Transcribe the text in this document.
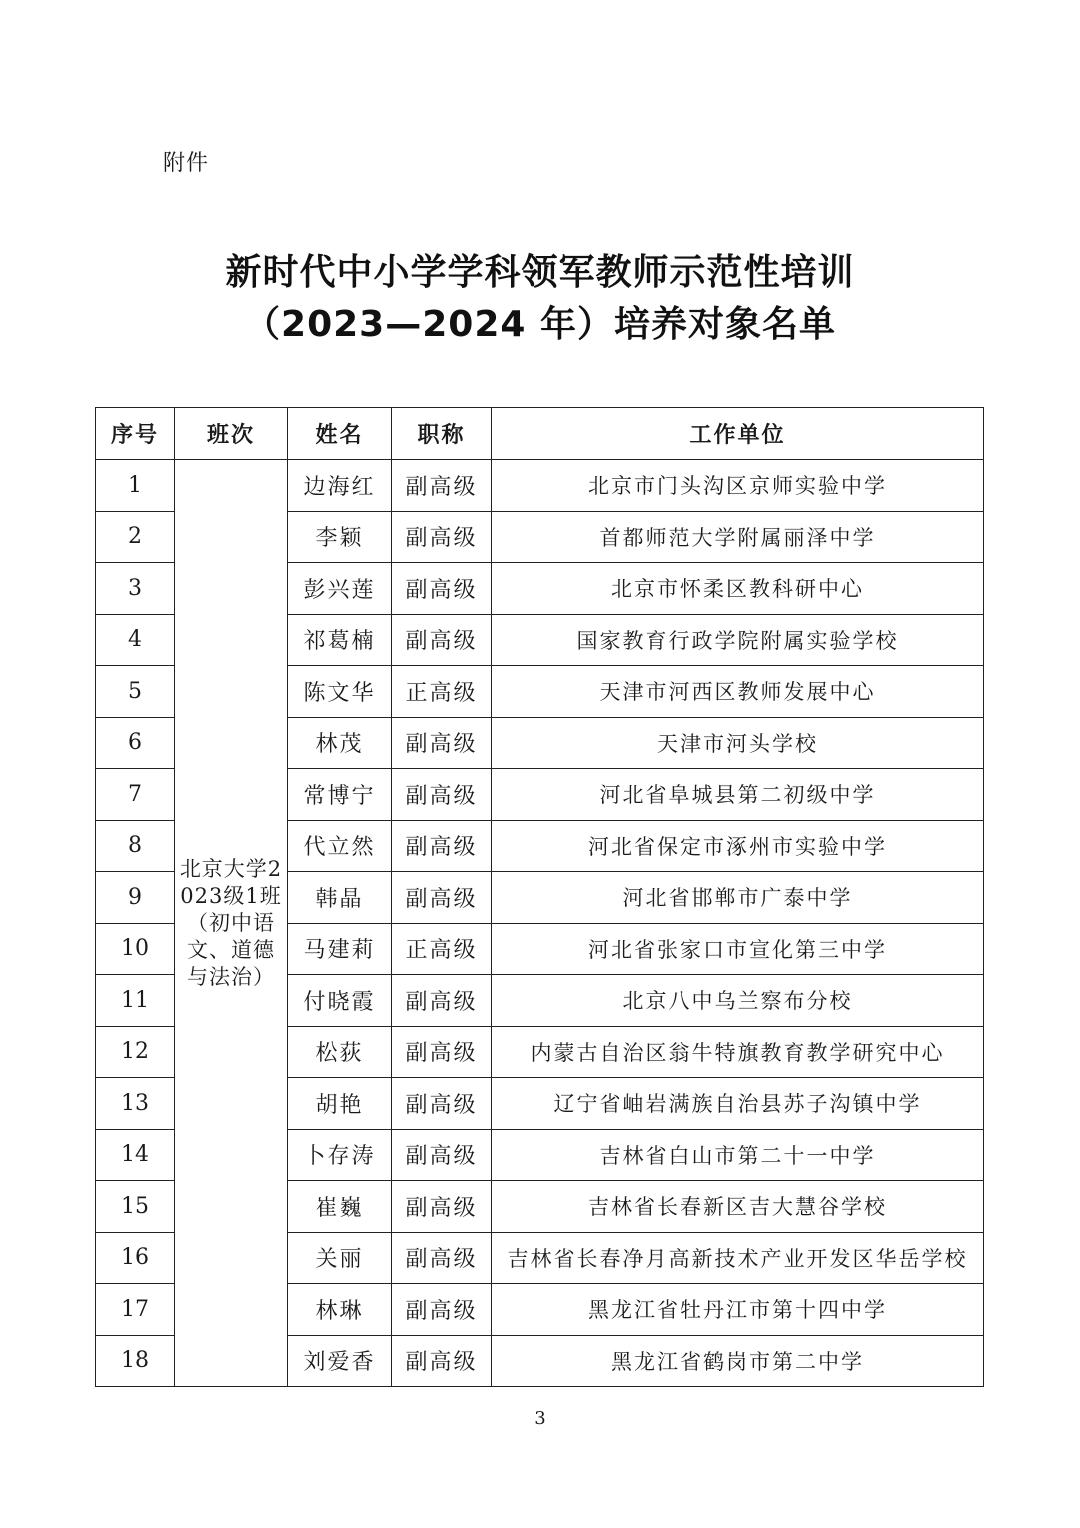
附件
新时代中小学学科领军教师示范性培训
（2023—2024 年）培养对象名单
序号	班次	姓名	职称	工作单位
1	北京大学2023级1班（初中语文、道德与法治）	边海红	副高级	北京市门头沟区京师实验中学
2		李颖	副高级	首都师范大学附属丽泽中学
3		彭兴莲	副高级	北京市怀柔区教科研中心
4		祁葛楠	副高级	国家教育行政学院附属实验学校
5		陈文华	正高级	天津市河西区教师发展中心
6		林茂	副高级	天津市河头学校
7		常博宁	副高级	河北省阜城县第二初级中学
8		代立然	副高级	河北省保定市涿州市实验中学
9		韩晶	副高级	河北省邯郸市广泰中学
10		马建莉	正高级	河北省张家口市宣化第三中学
11		付晓霞	副高级	北京八中乌兰察布分校
12		松荻	副高级	内蒙古自治区翁牛特旗教育教学研究中心
13		胡艳	副高级	辽宁省岫岩满族自治县苏子沟镇中学
14		卜存涛	副高级	吉林省白山市第二十一中学
15		崔巍	副高级	吉林省长春新区吉大慧谷学校
16		关丽	副高级	吉林省长春净月高新技术产业开发区华岳学校
17		林琳	副高级	黑龙江省牡丹江市第十四中学
18		刘爱香	副高级	黑龙江省鹤岗市第二中学
3
